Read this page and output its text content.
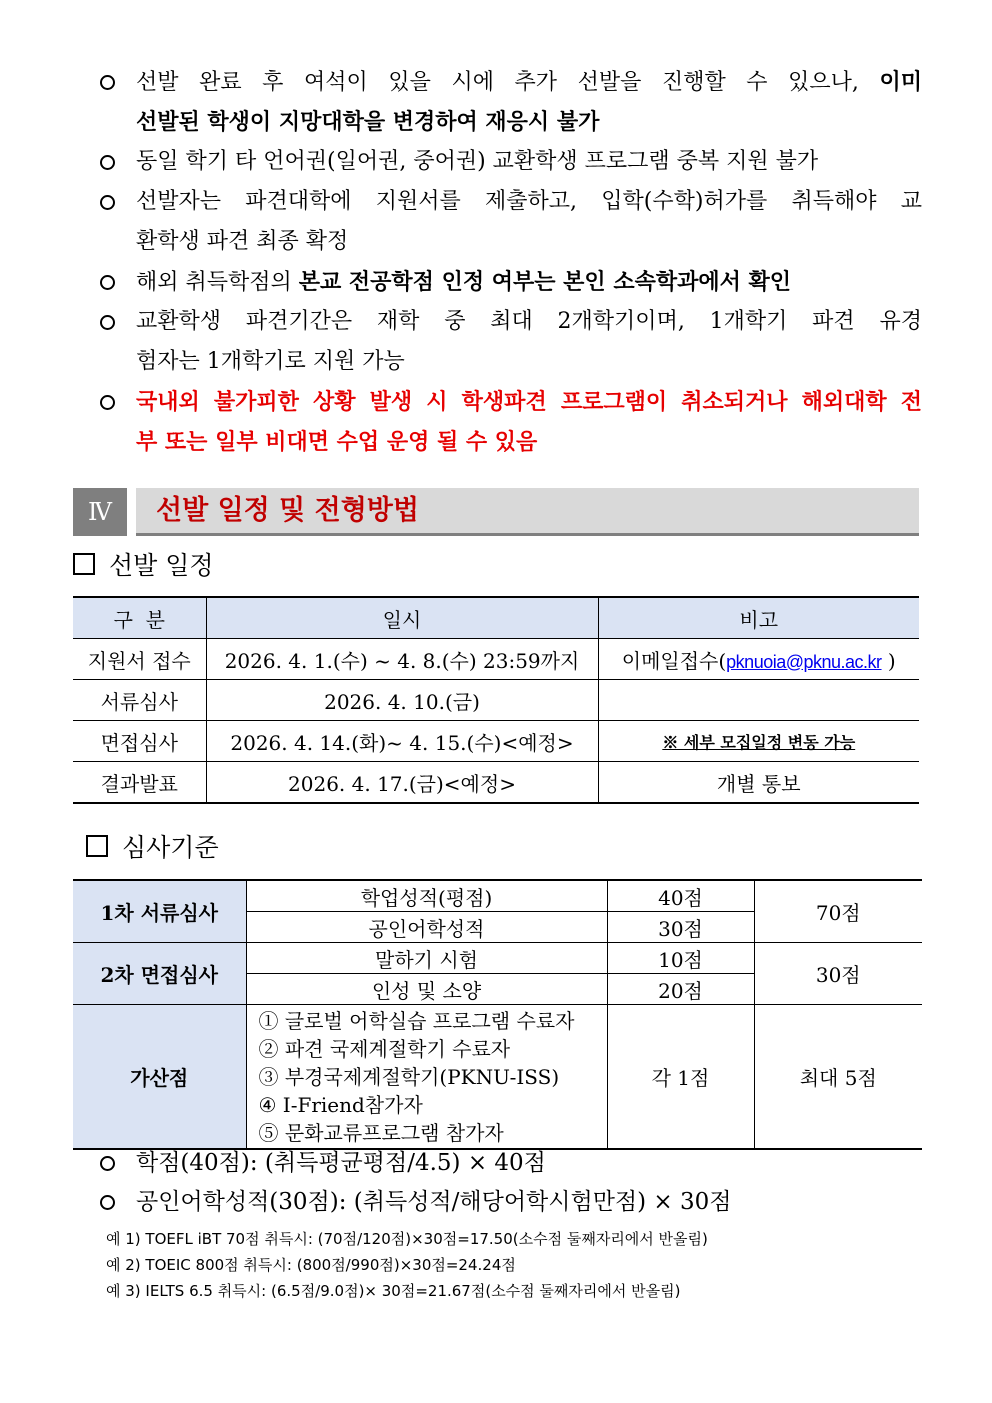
선발 완료 후 여석이 있을 시에 추가 선발을 진행할 수 있으나, 이미
선발된 학생이 지망대학을 변경하여 재응시 불가
동일 학기 타 언어권(일어권, 중어권) 교환학생 프로그램 중복 지원 불가
선발자는 파견대학에 지원서를 제출하고, 입학(수학)허가를 취득해야 교
환학생 파견 최종 확정
해외 취득학점의 본교 전공학점 인정 여부는 본인 소속학과에서 확인
교환학생 파견기간은 재학 중 최대 2개학기이며, 1개학기 파견 유경
험자는 1개학기로 지원 가능
국내외 불가피한 상황 발생 시 학생파견 프로그램이 취소되거나 해외대학 전
부 또는 일부 비대면 수업 운영 될 수 있음
Ⅳ	선발 일정 및 전형방법
선발 일정
구  분	일시	비고
지원서 접수	2026. 4. 1.(수) ~ 4. 8.(수) 23:59까지	이메일접수(pknuoia@pknu.ac.kr )
서류심사	2026. 4. 10.(금)	
면접심사	2026. 4. 14.(화)~ 4. 15.(수)<예정>	※ 세부 모집일정 변동 가능
결과발표	2026. 4. 17.(금)<예정>	개별 통보
심사기준
1차 서류심사	학업성적(평점)	40점	70점
	공인어학성적	30점	
2차 면접심사	말하기 시험	10점	30점
	인성 및 소양	20점	
가산점	① 글로벌 어학실습 프로그램 수료자
② 파견 국제계절학기 수료자
③ 부경국제계절학기(PKNU-ISS)
④ I-Friend참가자
⑤ 문화교류프로그램 참가자	각 1점	최대 5점
학점(40점): (취득평균평점/4.5) × 40점
공인어학성적(30점): (취득성적/해당어학시험만점) × 30점
예 1) TOEFL iBT 70점 취득시: (70점/120점)×30점=17.50(소수점 둘째자리에서 반올림)
예 2) TOEIC 800점 취득시: (800점/990점)×30점=24.24점
예 3) IELTS 6.5 취득시: (6.5점/9.0점)× 30점=21.67점(소수점 둘째자리에서 반올림)
